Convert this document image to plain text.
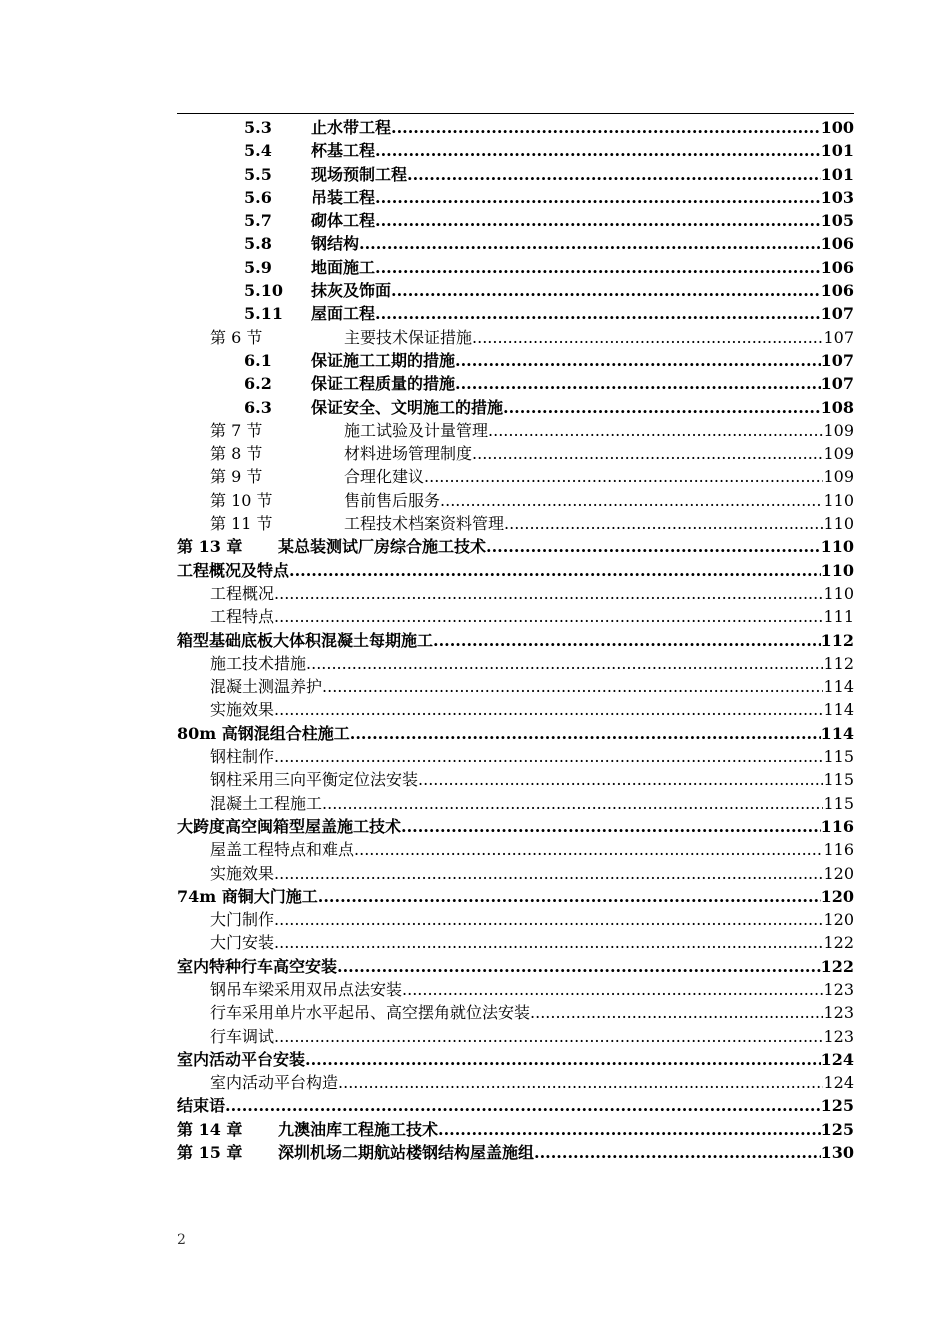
5.3	止水带工程 .....	100
5.4	杯基工程 .....	101
5.5	现场预制工程 .....	101
5.6	吊装工程 .....	103
5.7	砌体工程 .....	105
5.8	钢结构 .....	106
5.9	地面施工 .....	106
5.10	抹灰及饰面 .....	106
5.11	屋面工程 .....	107
第 6 节	主要技术保证措施 .....	107
6.1	保证施工工期的措施 .....	107
6.2	保证工程质量的措施 .....	107
6.3	保证安全、文明施工的措施 .....	108
第 7 节	施工试验及计量管理 .....	109
第 8 节	材料进场管理制度 .....	109
第 9 节	合理化建议 .....	109
第 10 节	售前售后服务 .....	110
第 11 节	工程技术档案资料管理 .....	110
第 13 章	某总装测试厂房综合施工技术 .....	110
工程概况及特点 .....	110
工程概况 .....	110
工程特点 .....	111
箱型基础底板大体积混凝土每期施工 .....	112
施工技术措施 .....	112
混凝土测温养护 .....	114
实施效果 .....	114
80m 高钢混组合柱施工 .....	114
钢柱制作 .....	115
钢柱采用三向平衡定位法安装 .....	115
混凝土工程施工 .....	115
大跨度高空闽箱型屋盖施工技术 .....	116
屋盖工程特点和难点 .....	116
实施效果 .....	120
74m 商铜大门施工 .....	120
大门制作 .....	120
大门安装 .....	122
室内特种行车高空安装 .....	122
钢吊车梁采用双吊点法安装 .....	123
行车采用单片水平起吊、高空摆角就位法安装 .....	123
行车调试 .....	123
室内活动平台安装 .....	124
室内活动平台构造 .....	124
结束语 .....	125
第 14 章	九澳油库工程施工技术 .....	125
第 15 章	深圳机场二期航站楼钢结构屋盖施组 .....	130
2
